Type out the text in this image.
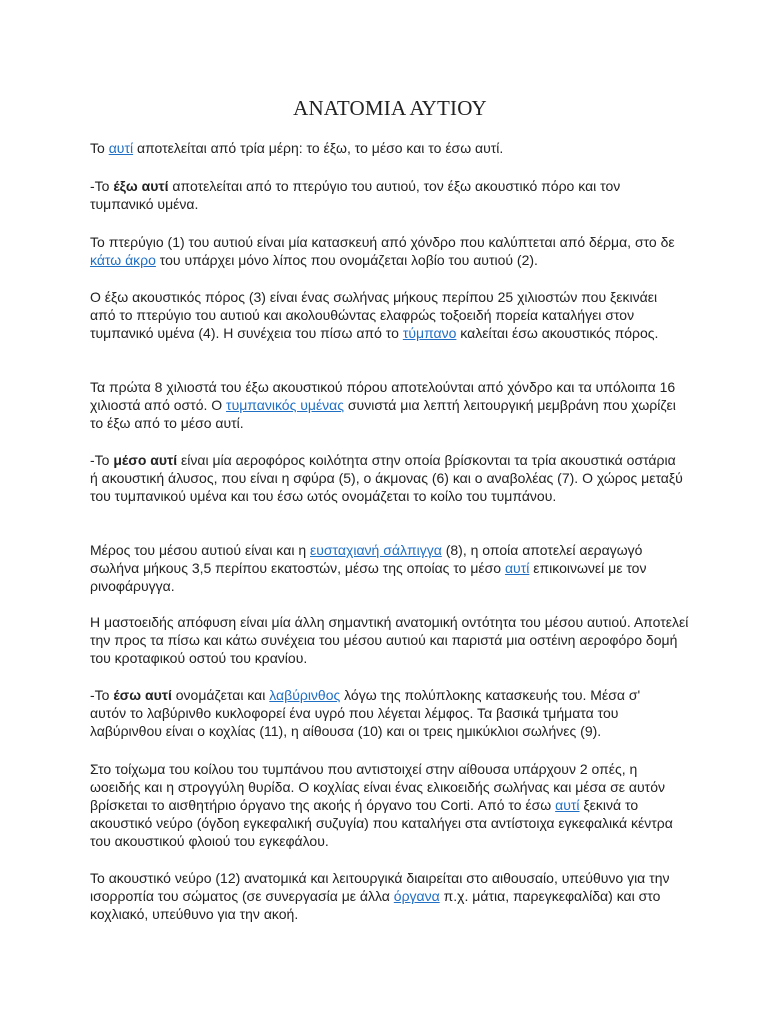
ΑΝΑΤΟΜΙΑ ΑΥΤΙΟΥ

Το αυτί αποτελείται από τρία μέρη: το έξω, το μέσο και το έσω αυτί.

-Το έξω αυτί αποτελείται από το πτερύγιο του αυτιού, τον έξω ακουστικό πόρο και τον τυμπανικό υμένα.

Το πτερύγιο (1) του αυτιού είναι μία κατασκευή από χόνδρο που καλύπτεται από δέρμα, στο δε κάτω άκρο του υπάρχει μόνο λίπος που ονομάζεται λοβίο του αυτιού (2).

Ο έξω ακουστικός πόρος (3) είναι ένας σωλήνας μήκους περίπου 25 χιλιοστών που ξεκινάει από το πτερύγιο του αυτιού και ακολουθώντας ελαφρώς τοξοειδή πορεία καταλήγει στον τυμπανικό υμένα (4). Η συνέχεια του πίσω από το τύμπανο καλείται έσω ακουστικός πόρος.

Τα πρώτα 8 χιλιοστά του έξω ακουστικού πόρου αποτελούνται από χόνδρο και τα υπόλοιπα 16 χιλιοστά από οστό. Ο τυμπανικός υμένας συνιστά μια λεπτή λειτουργική μεμβράνη που χωρίζει το έξω από το μέσο αυτί.

-Το μέσο αυτί είναι μία αεροφόρος κοιλότητα στην οποία βρίσκονται τα τρία ακουστικά οστάρια ή ακουστική άλυσος, που είναι η σφύρα (5), ο άκμονας (6) και ο αναβολέας (7). Ο χώρος μεταξύ του τυμπανικού υμένα και του έσω ωτός ονομάζεται το κοίλο του τυμπάνου.

Μέρος του μέσου αυτιού είναι και η ευσταχιανή σάλπιγγα (8), η οποία αποτελεί αεραγωγό σωλήνα μήκους 3,5 περίπου εκατοστών, μέσω της οποίας το μέσο αυτί επικοινωνεί με τον ρινοφάρυγγα.

Η μαστοειδής απόφυση είναι μία άλλη σημαντική ανατομική οντότητα του μέσου αυτιού. Αποτελεί την προς τα πίσω και κάτω συνέχεια του μέσου αυτιού και παριστά μια οστέινη αεροφόρο δομή του κροταφικού οστού του κρανίου.

-Το έσω αυτί ονομάζεται και λαβύρινθος λόγω της πολύπλοκης κατασκευής του. Μέσα σ' αυτόν το λαβύρινθο κυκλοφορεί ένα υγρό που λέγεται λέμφος. Τα βασικά τμήματα του λαβύρινθου είναι ο κοχλίας (11), η αίθουσα (10) και οι τρεις ημικύκλιοι σωλήνες (9).

Στο τοίχωμα του κοίλου του τυμπάνου που αντιστοιχεί στην αίθουσα υπάρχουν 2 οπές, η ωοειδής και η στρογγύλη θυρίδα. Ο κοχλίας είναι ένας ελικοειδής σωλήνας και μέσα σε αυτόν βρίσκεται το αισθητήριο όργανο της ακοής ή όργανο του Corti. Από το έσω αυτί ξεκινά το ακουστικό νεύρο (όγδοη εγκεφαλική συζυγία) που καταλήγει στα αντίστοιχα εγκεφαλικά κέντρα του ακουστικού φλοιού του εγκεφάλου.

Το ακουστικό νεύρο (12) ανατομικά και λειτουργικά διαιρείται στο αιθουσαίο, υπεύθυνο για την ισορροπία του σώματος (σε συνεργασία με άλλα όργανα π.χ. μάτια, παρεγκεφαλίδα) και στο κοχλιακό, υπεύθυνο για την ακοή.
